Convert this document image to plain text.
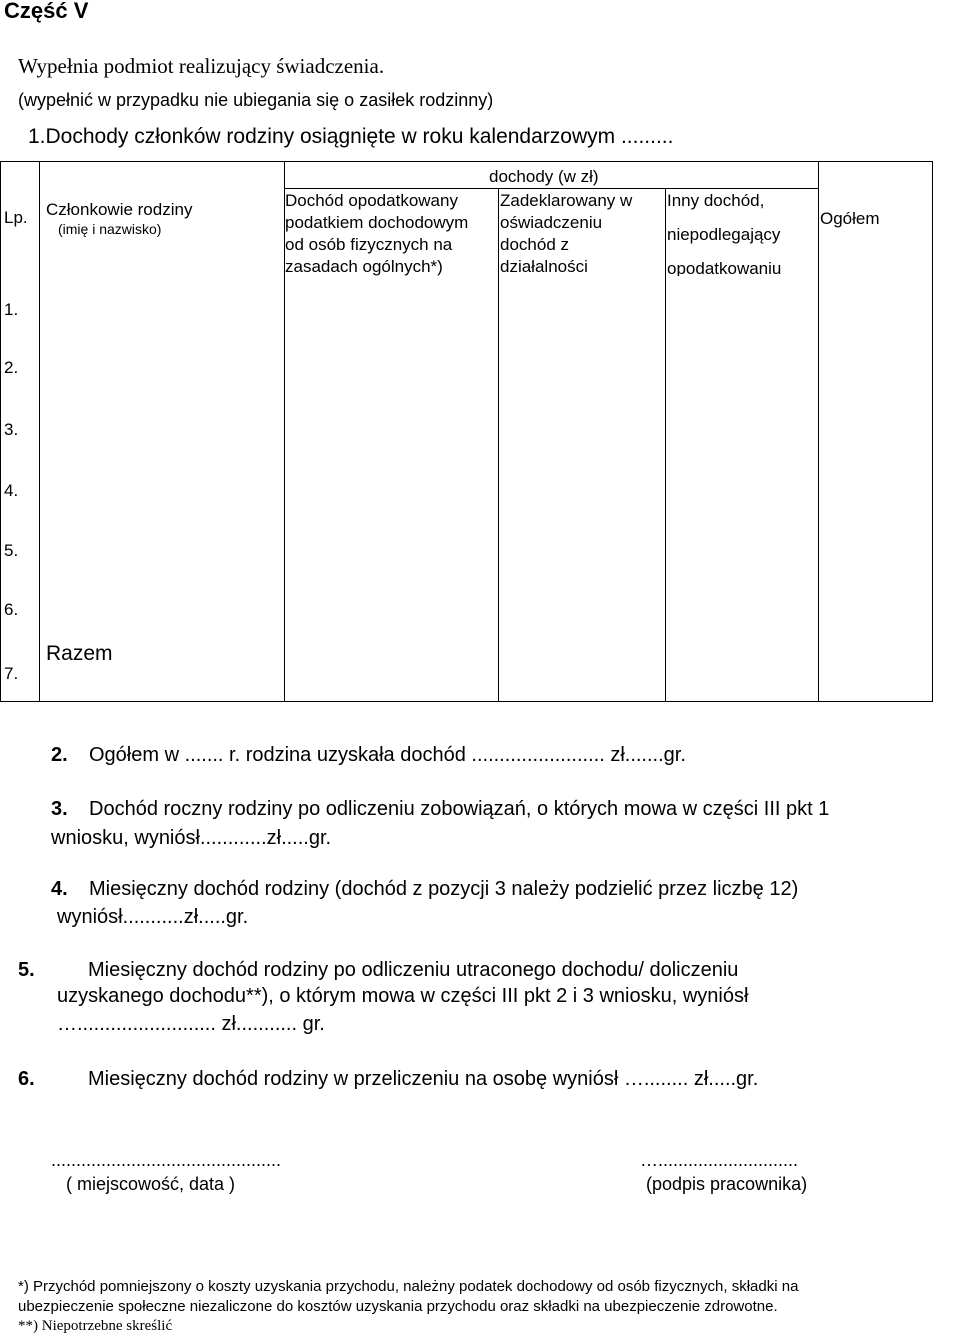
Część V
Wypełnia podmiot realizujący świadczenia.
(wypełnić w przypadku nie ubiegania się o zasiłek rodzinny)
1.Dochody członków rodziny osiągnięte w roku kalendarzowym .........
Lp. Członkowie rodziny
(imię i nazwisko)
dochody (w zł)
Dochód opodatkowany
podatkiem dochodowym
od osób fizycznych na
zasadach ogólnych*)
Zadeklarowany w
oświadczeniu
dochód z
działalności
Inny dochód,
niepodlegający
opodatkowaniu
Ogółem
1.
2.
3.
4.
5.
6.
7.
Razem
2. Ogółem w ....... r. rodzina uzyskała dochód ........................ zł.......gr.
3. Dochód roczny rodziny po odliczeniu zobowiązań, o których mowa w części III pkt 1
wniosku, wyniósł............zł.....gr.
4. Miesięczny dochód rodziny (dochód z pozycji 3 należy podzielić przez liczbę 12)
wyniósł...........zł.....gr.
5.	Miesięczny dochód rodziny po odliczeniu utraconego dochodu/ doliczeniu
uzyskanego dochodu**), o którym mowa w części III pkt 2 i 3 wniosku, wyniósł
…......................... zł........... gr.
6.	Miesięczny dochód rodziny w przeliczeniu na osobę wyniósł …........ zł.....gr.
..............................................
( miejscowość, data )
…............................
(podpis pracownika)
*) Przychód pomniejszony o koszty uzyskania przychodu, należny podatek dochodowy od osób fizycznych, składki na
ubezpieczenie społeczne niezaliczone do kosztów uzyskania przychodu oraz składki na ubezpieczenie zdrowotne.
**) Niepotrzebne skreślić
